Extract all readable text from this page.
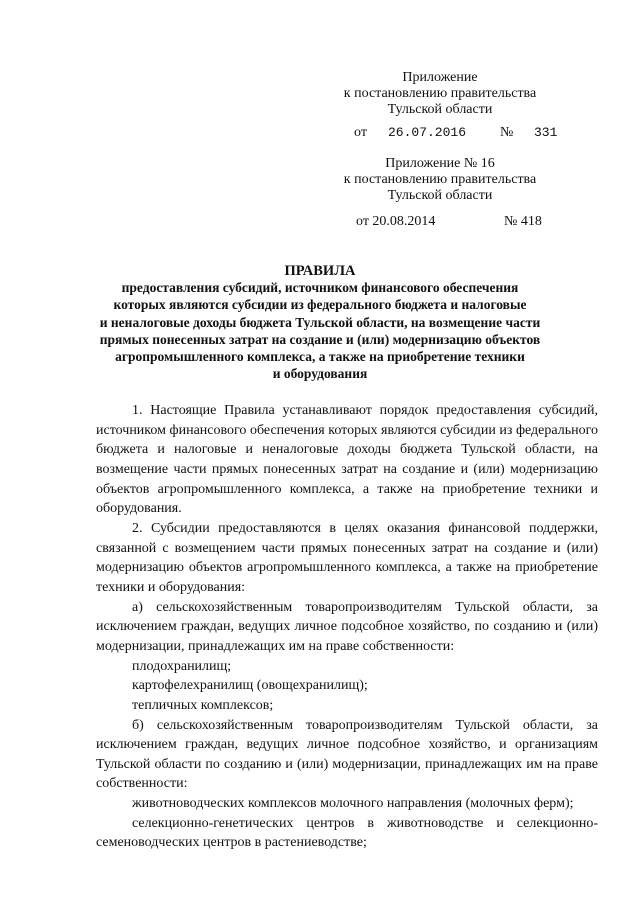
Приложение
к постановлению правительства
Тульской области
от 26.07.2016 № 331
Приложение № 16
к постановлению правительства
Тульской области
от 20.08.2014	№ 418
ПРАВИЛА
предоставления субсидий, источником финансового обеспечения
которых являются субсидии из федерального бюджета и налоговые
и неналоговые доходы бюджета Тульской области, на возмещение части
прямых понесенных затрат на создание и (или) модернизацию объектов
агропромышленного комплекса, а также на приобретение техники
и оборудования

1. Настоящие Правила устанавливают порядок предоставления субсидий, источником финансового обеспечения которых являются субсидии из федерального бюджета и налоговые и неналоговые доходы бюджета Тульской области, на возмещение части прямых понесенных затрат на создание и (или) модернизацию объектов агропромышленного комплекса, а также на приобретение техники и оборудования.

2. Субсидии предоставляются в целях оказания финансовой поддержки, связанной с возмещением части прямых понесенных затрат на создание и (или) модернизацию объектов агропромышленного комплекса, а также на приобретение техники и оборудования:

а) сельскохозяйственным товаропроизводителям Тульской области, за исключением граждан, ведущих личное подсобное хозяйство, по созданию и (или) модернизации, принадлежащих им на праве собственности:

плодохранилищ;

картофелехранилищ (овощехранилищ);

тепличных комплексов;

б) сельскохозяйственным товаропроизводителям Тульской области, за исключением граждан, ведущих личное подсобное хозяйство, и организациям Тульской области по созданию и (или) модернизации, принадлежащих им на праве собственности:

животноводческих комплексов молочного направления (молочных ферм);

селекционно-генетических центров в животноводстве и селекционно-семеноводческих центров в растениеводстве;
